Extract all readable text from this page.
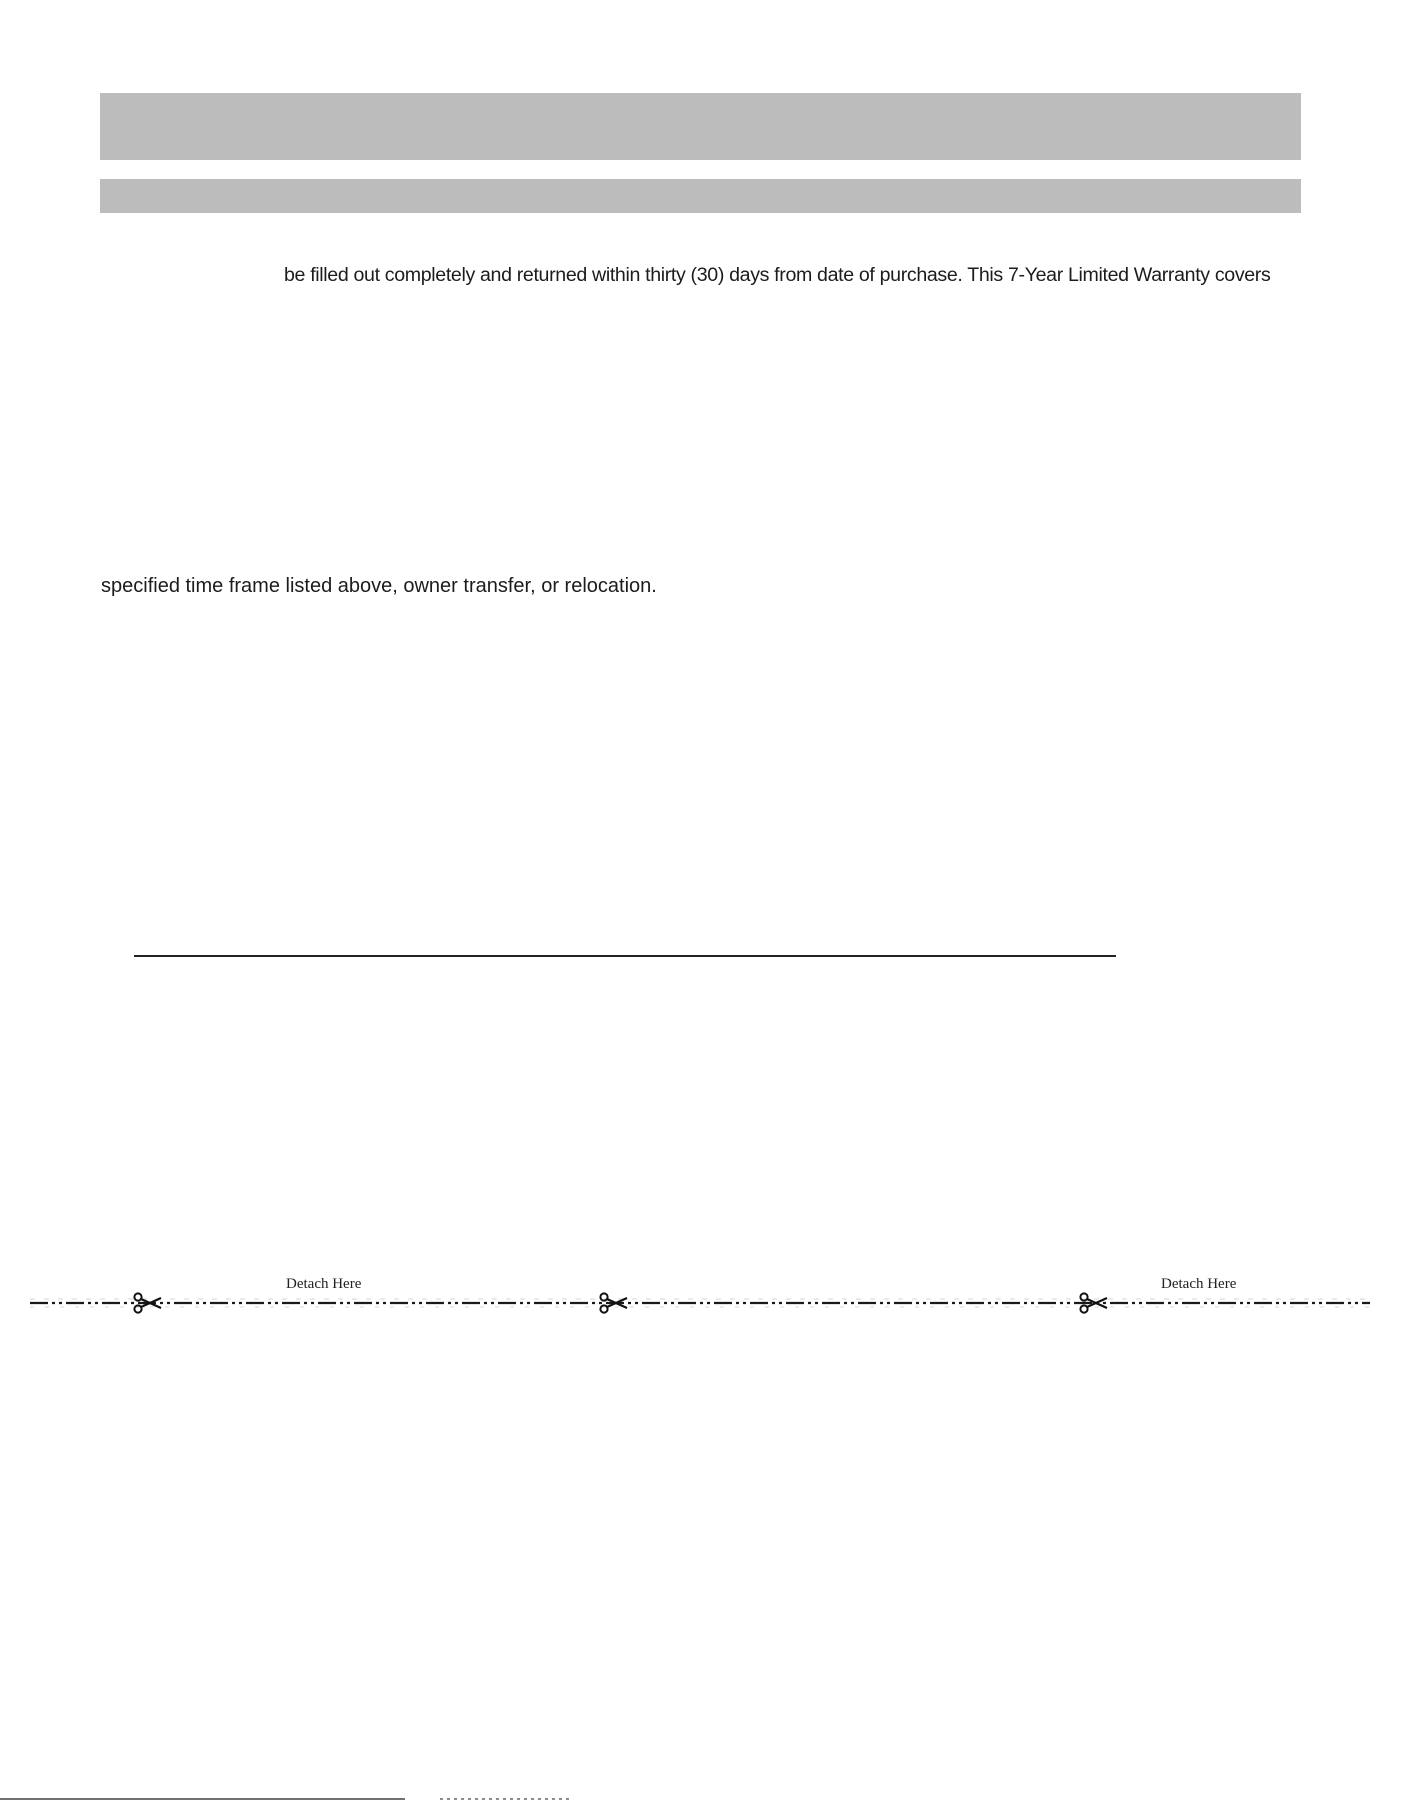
be filled out completely and returned within thirty (30) days from date of purchase. This 7-Year Limited Warranty covers

specified time frame listed above, owner transfer, or relocation.

Detach Here	Detach Here
